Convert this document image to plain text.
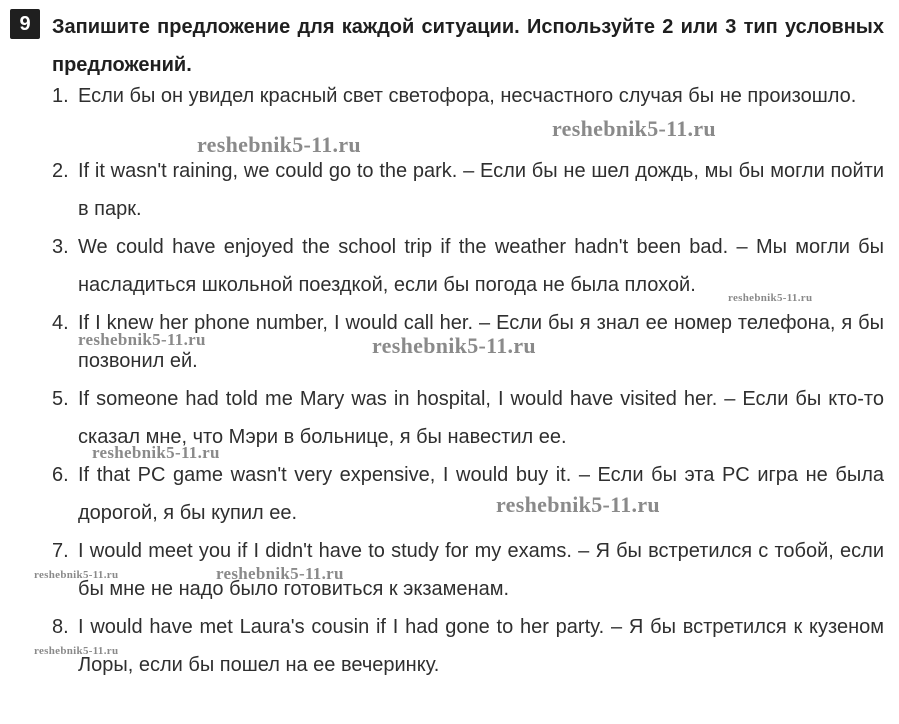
9	Запишите предложение для каждой ситуации. Используйте 2 или 3 тип условных предложений.
1. Если бы он увидел красный свет светофора, несчастного случая бы не произошло.
2. If it wasn't raining, we could go to the park. – Если бы не шел дождь, мы бы могли пойти в парк.
3. We could have enjoyed the school trip if the weather hadn't been bad. – Мы могли бы насладиться школьной поездкой, если бы погода не была плохой.
4. If I knew her phone number, I would call her. – Если бы я знал ее номер телефона, я бы позвонил ей.
5. If someone had told me Mary was in hospital, I would have visited her. – Если бы кто-то сказал мне, что Мэри в больнице, я бы навестил ее.
6. If that PC game wasn't very expensive, I would buy it. – Если бы эта PC игра не была дорогой, я бы купил ее.
7. I would meet you if I didn't have to study for my exams. – Я бы встретился с тобой, если бы мне не надо было готовиться к экзаменам.
8. I would have met Laura's cousin if I had gone to her party. – Я бы встретился к кузеном Лоры, если бы пошел на ее вечеринку.
reshebnik5-11.ru
reshebnik5-11.ru
reshebnik5-11.ru
reshebnik5-11.ru	reshebnik5-11.ru
reshebnik5-11.ru
reshebnik5-11.ru
reshebnik5-11.ru	reshebnik5-11.ru
reshebnik5-11.ru
